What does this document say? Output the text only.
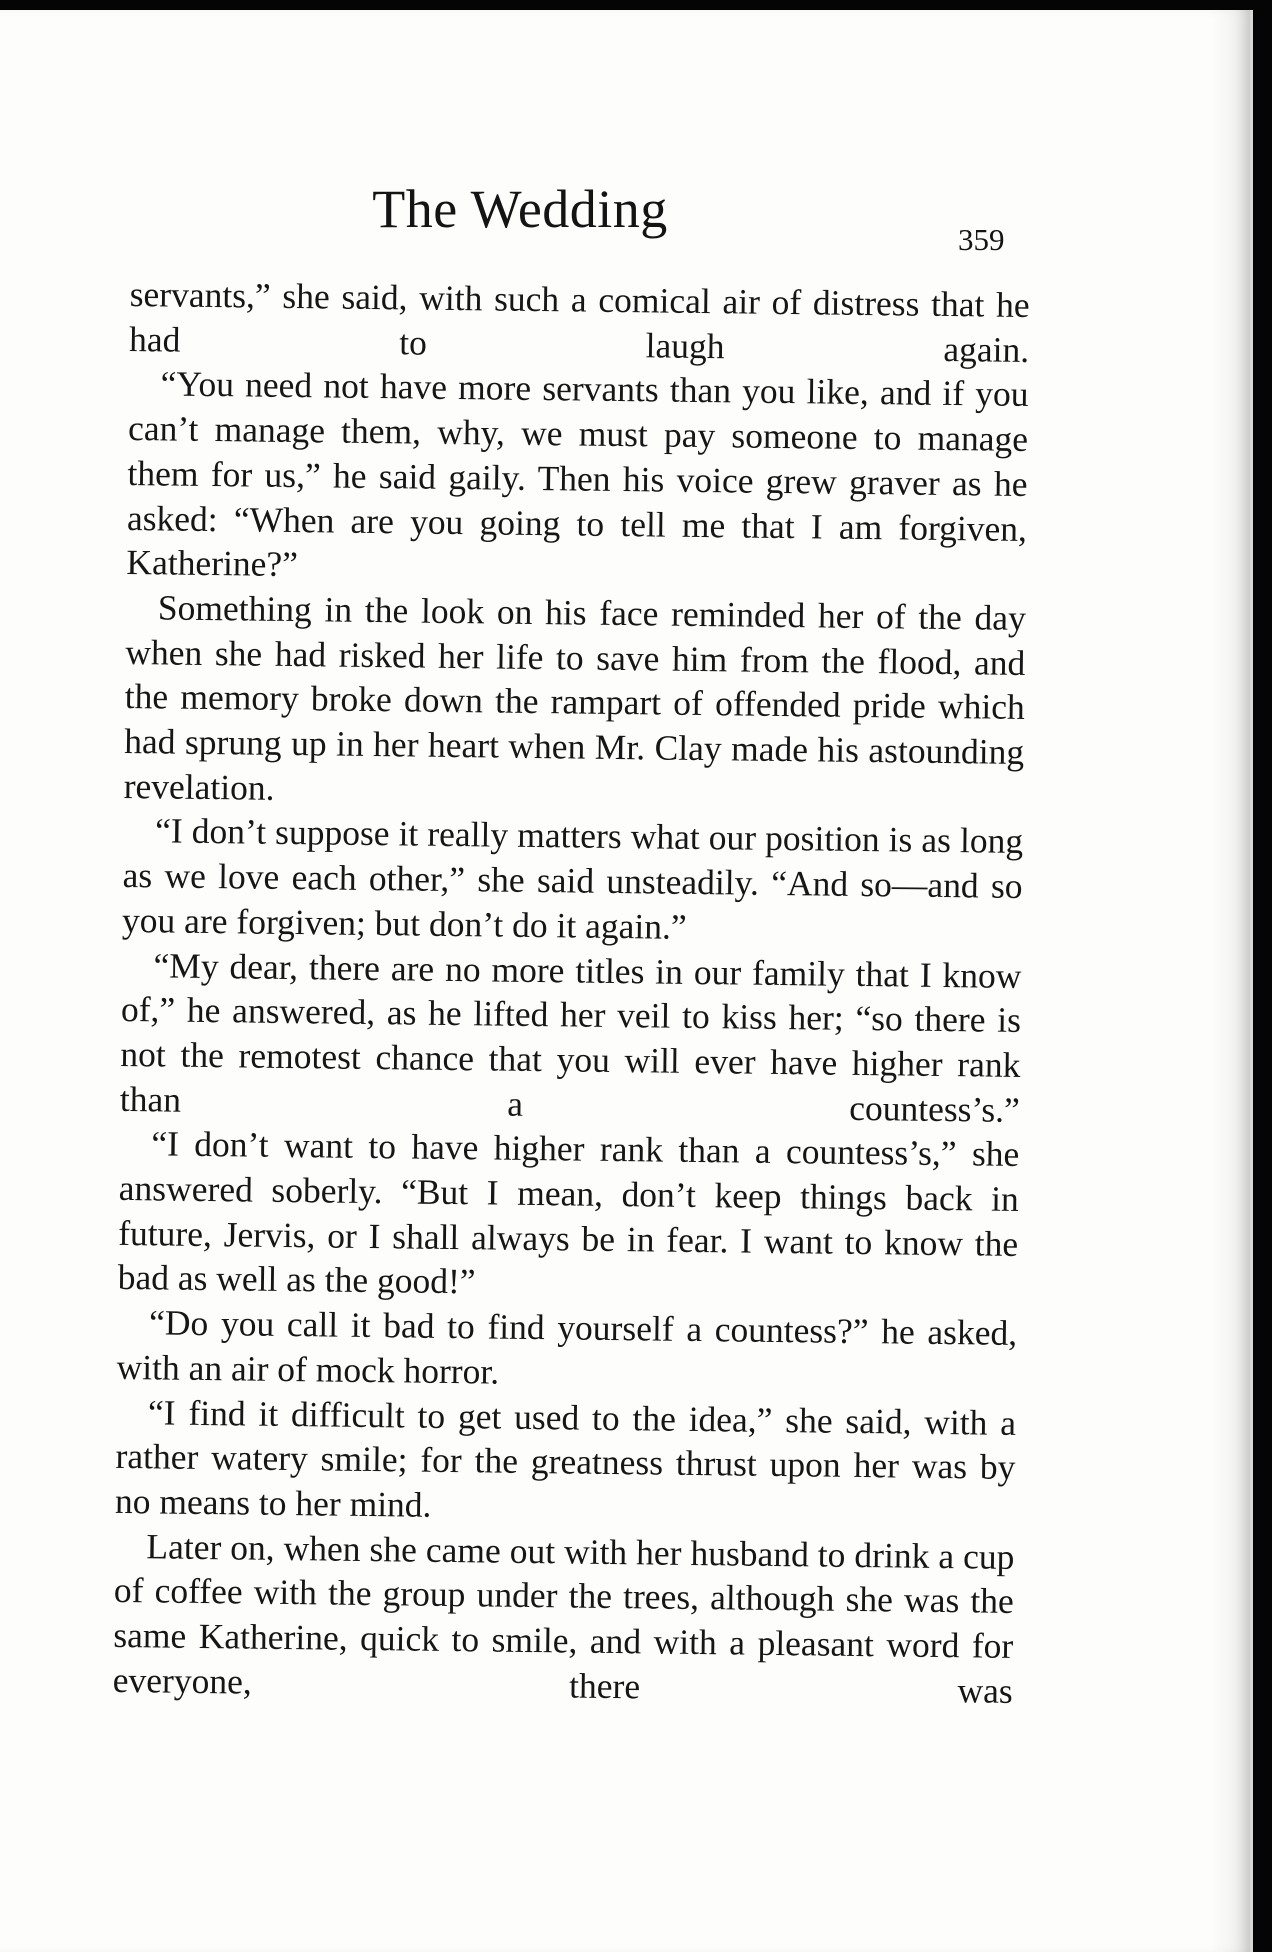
The Wedding
359

servants,” she said, with such a comical air of distress that he had to laugh again.

“You need not have more servants than you like, and if you can’t manage them, why, we must pay someone to manage them for us,” he said gaily. Then his voice grew graver as he asked: “When are you going to tell me that I am forgiven, Katherine?”

Something in the look on his face reminded her of the day when she had risked her life to save him from the flood, and the memory broke down the rampart of offended pride which had sprung up in her heart when Mr. Clay made his astounding revelation.

“I don’t suppose it really matters what our position is as long as we love each other,” she said unsteadily. “And so—and so you are forgiven; but don’t do it again.”

“My dear, there are no more titles in our family that I know of,” he answered, as he lifted her veil to kiss her; “so there is not the remotest chance that you will ever have higher rank than a countess’s.”

“I don’t want to have higher rank than a countess’s,” she answered soberly. “But I mean, don’t keep things back in future, Jervis, or I shall always be in fear. I want to know the bad as well as the good!”

“Do you call it bad to find yourself a countess?” he asked, with an air of mock horror.

“I find it difficult to get used to the idea,” she said, with a rather watery smile; for the greatness thrust upon her was by no means to her mind.

Later on, when she came out with her husband to drink a cup of coffee with the group under the trees, although she was the same Katherine, quick to smile, and with a pleasant word for everyone, there was
